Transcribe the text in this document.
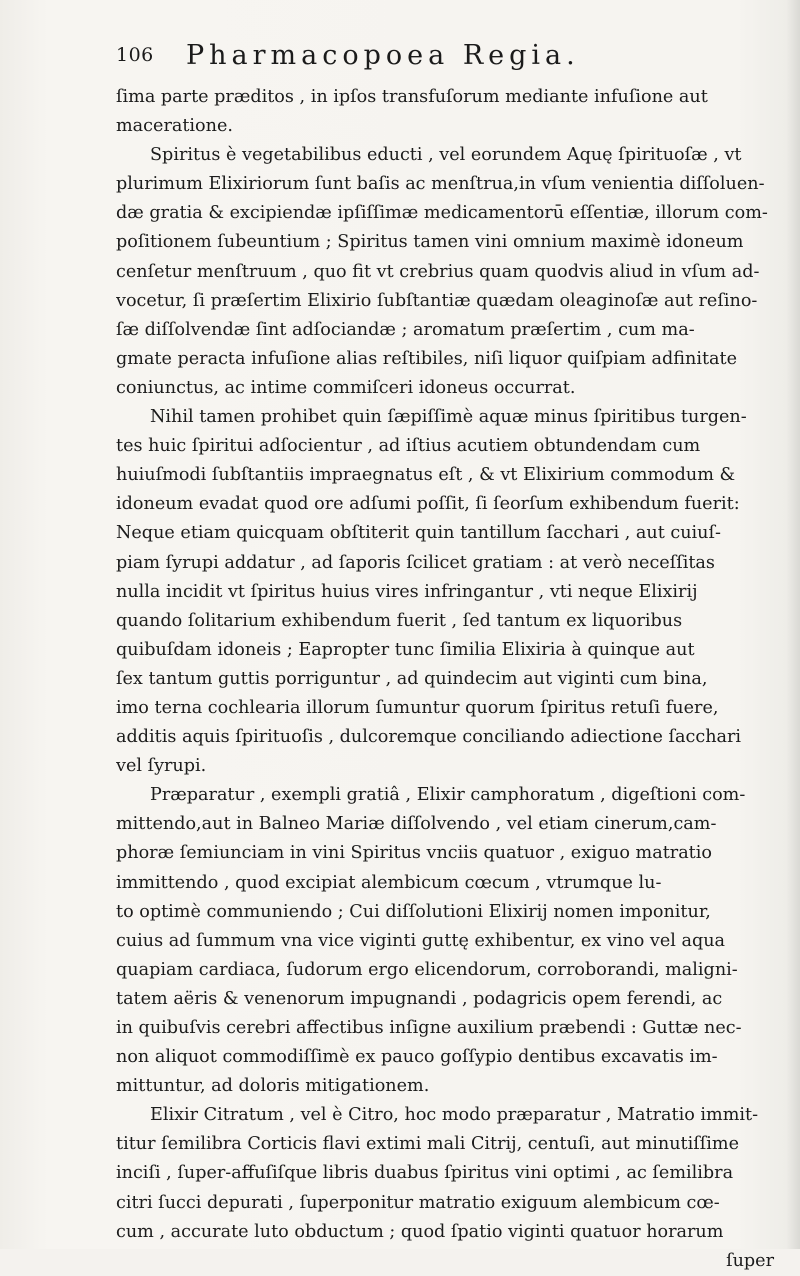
106 Pharmacopoea Regia.
ſima parte præditos , in ipſos transfuſorum mediante infuſione aut
maceratione.
Spiritus è vegetabilibus educti , vel eorundem Aquę ſpirituoſæ , vt
plurimum Elixiriorum ſunt baſis ac menſtrua,in vſum venientia diſſoluen-
dæ gratia & excipiendæ ipſiſſimæ medicamentorū eſſentiæ, illorum com-
poſitionem ſubeuntium ; Spiritus tamen vini omnium maximè idoneum
cenſetur menſtruum , quo fit vt crebrius quam quodvis aliud in vſum ad-
vocetur, ſi præſertim Elixirio ſubſtantiæ quædam oleaginoſæ aut reſino-
ſæ diſſolvendæ ſint adſociandæ ; aromatum præſertim , cum ma-
gmate peracta infuſione alias reſtibiles, niſi liquor quiſpiam adfinitate
coniunctus, ac intime commiſceri idoneus occurrat.
Nihil tamen prohibet quin ſæpiſſimè aquæ minus ſpiritibus turgen-
tes huic ſpiritui adſocientur , ad iſtius acutiem obtundendam cum
huiuſmodi ſubſtantiis impraegnatus eſt , & vt Elixirium commodum &
idoneum evadat quod ore adſumi poſſit, ſi ſeorſum exhibendum fuerit:
Neque etiam quicquam obſtiterit quin tantillum ſacchari , aut cuiuſ-
piam ſyrupi addatur , ad ſaporis ſcilicet gratiam : at verò neceſſitas
nulla incidit vt ſpiritus huius vires infringantur , vti neque Elixirij
quando ſolitarium exhibendum fuerit , ſed tantum ex liquoribus
quibuſdam idoneis ; Eapropter tunc ſimilia Elixiria à quinque aut
ſex tantum guttis porriguntur , ad quindecim aut viginti cum bina,
imo terna cochlearia illorum ſumuntur quorum ſpiritus retuſi fuere,
additis aquis ſpirituoſis , dulcoremque conciliando adiectione ſacchari
vel ſyrupi.
Præparatur , exempli gratiâ , Elixir camphoratum , digeſtioni com-
mittendo,aut in Balneo Mariæ diſſolvendo , vel etiam cinerum,cam-
phoræ ſemiunciam in vini Spiritus vnciis quatuor , exiguo matratio
immittendo , quod excipiat alembicum cœcum , vtrumque lu-
to optimè communiendo ; Cui diſſolutioni Elixirij nomen imponitur,
cuius ad ſummum vna vice viginti guttę exhibentur, ex vino vel aqua
quapiam cardiaca, ſudorum ergo elicendorum, corroborandi, maligni-
tatem aëris & venenorum impugnandi , podagricis opem ferendi, ac
in quibuſvis cerebri affectibus inſigne auxilium præbendi : Guttæ nec-
non aliquot commodiſſimè ex pauco goſſypio dentibus excavatis im-
mittuntur, ad doloris mitigationem.
Elixir Citratum , vel è Citro, hoc modo præparatur , Matratio immit-
titur ſemilibra Corticis flavi extimi mali Citrij, centuſi, aut minutiſſime
inciſi , ſuper-affuſiſque libris duabus ſpiritus vini optimi , ac ſemilibra
citri ſucci depurati , ſuperponitur matratio exiguum alembicum cœ-
cum , accurate luto obductum ; quod ſpatio viginti quatuor horarum
ſuper
